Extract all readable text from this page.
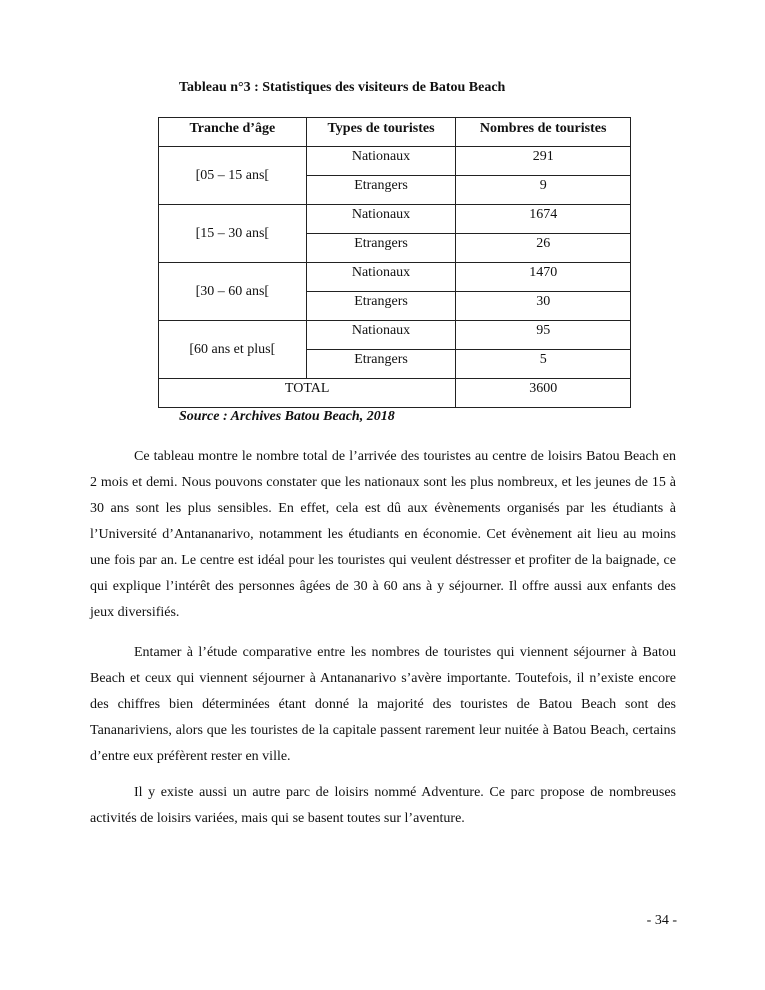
Tableau n°3 : Statistiques des visiteurs de Batou Beach
Tranche d’âge	Types de touristes	Nombres de touristes
[05 – 15 ans[	Nationaux	291
	Etrangers	9
[15 – 30 ans[	Nationaux	1674
	Etrangers	26
[30 – 60 ans[	Nationaux	1470
	Etrangers	30
[60 ans et plus[	Nationaux	95
	Etrangers	5
TOTAL		3600
Source : Archives Batou Beach, 2018

Ce tableau montre le nombre total de l’arrivée des touristes au centre de loisirs Batou Beach en 2 mois et demi. Nous pouvons constater que les nationaux sont les plus nombreux, et les jeunes de 15 à 30 ans sont les plus sensibles. En effet, cela est dû aux évènements organisés par les étudiants à l’Université d’Antananarivo, notamment les étudiants en économie. Cet évènement ait lieu au moins une fois par an. Le centre est idéal pour les touristes qui veulent déstresser et profiter de la baignade, ce qui explique l’intérêt des personnes âgées de 30 à 60 ans à y séjourner. Il offre aussi aux enfants des jeux diversifiés.

Entamer à l’étude comparative entre les nombres de touristes qui viennent séjourner à Batou Beach et ceux qui viennent séjourner à Antananarivo s’avère importante. Toutefois, il n’existe encore des chiffres bien déterminées étant donné la majorité des touristes de Batou Beach sont des Tananariviens, alors que les touristes de la capitale passent rarement leur nuitée à Batou Beach, certains d’entre eux préfèrent rester en ville.

Il y existe aussi un autre parc de loisirs nommé Adventure. Ce parc propose de nombreuses activités de loisirs variées, mais qui se basent toutes sur l’aventure.

- 34 -
